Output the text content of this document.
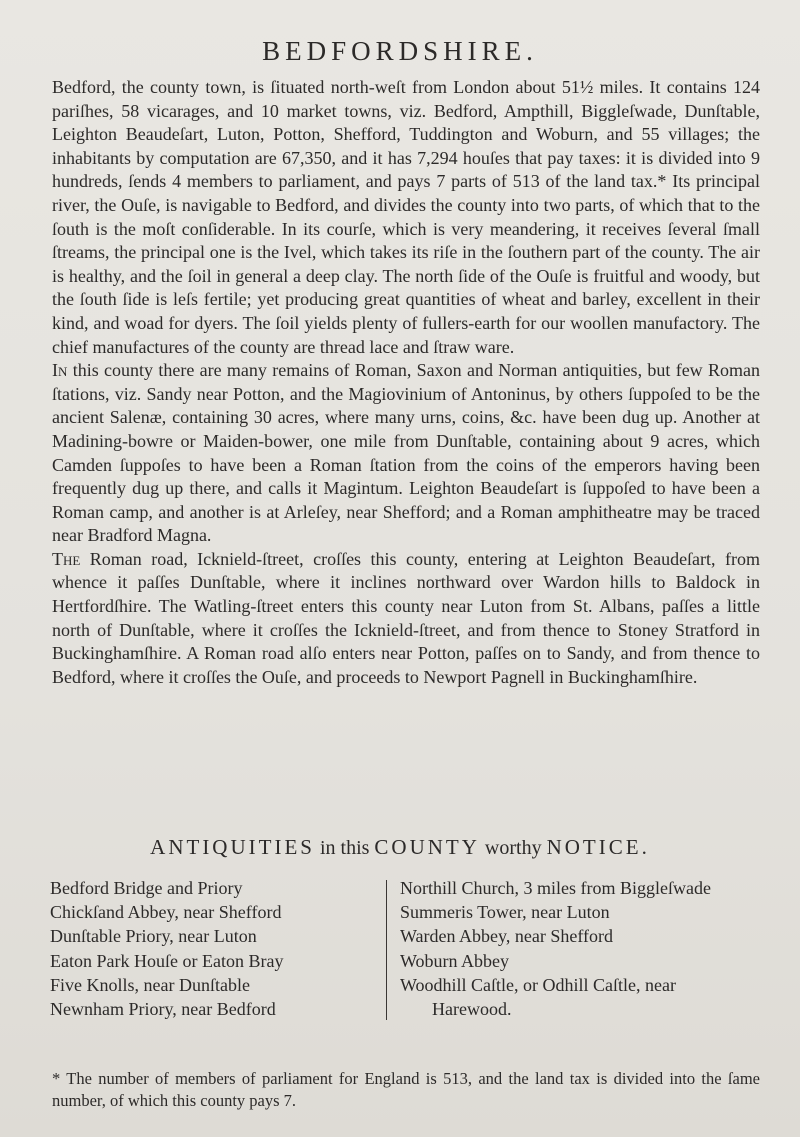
BEDFORDSHIRE.

Bedford, the county town, is ſituated north-weſt from London about 51½ miles. It contains 124 pariſhes, 58 vicarages, and 10 market towns, viz. Bedford, Ampthill, Biggleſwade, Dunſtable, Leighton Beaudeſart, Luton, Potton, Shefford, Tuddington and Woburn, and 55 villages; the inhabitants by computation are 67,350, and it has 7,294 houſes that pay taxes: it is divided into 9 hundreds, ſends 4 members to parliament, and pays 7 parts of 513 of the land tax.* Its principal river, the Ouſe, is navigable to Bedford, and divides the county into two parts, of which that to the ſouth is the moſt conſiderable. In its courſe, which is very meandering, it receives ſeveral ſmall ſtreams, the principal one is the Ivel, which takes its riſe in the ſouthern part of the county. The air is healthy, and the ſoil in general a deep clay. The north ſide of the Ouſe is fruitful and woody, but the ſouth ſide is leſs fertile; yet producing great quantities of wheat and barley, excellent in their kind, and woad for dyers. The ſoil yields plenty of fullers-earth for our woollen manufactory. The chief manufactures of the county are thread lace and ſtraw ware.

In this county there are many remains of Roman, Saxon and Norman antiquities, but few Roman ſtations, viz. Sandy near Potton, and the Magiovinium of Antoninus, by others ſuppoſed to be the ancient Salenæ, containing 30 acres, where many urns, coins, &c. have been dug up. Another at Madining-bowre or Maiden-bower, one mile from Dunſtable, containing about 9 acres, which Camden ſuppoſes to have been a Roman ſtation from the coins of the emperors having been frequently dug up there, and calls it Magintum. Leighton Beaudeſart is ſuppoſed to have been a Roman camp, and another is at Arleſey, near Shefford; and a Roman amphitheatre may be traced near Bradford Magna.

The Roman road, Icknield-ſtreet, croſſes this county, entering at Leighton Beaudeſart, from whence it paſſes Dunſtable, where it inclines northward over Wardon hills to Baldock in Hertfordſhire. The Watling-ſtreet enters this county near Luton from St. Albans, paſſes a little north of Dunſtable, where it croſſes the Icknield-ſtreet, and from thence to Stoney Stratford in Buckinghamſhire. A Roman road alſo enters near Potton, paſſes on to Sandy, and from thence to Bedford, where it croſſes the Ouſe, and proceeds to Newport Pagnell in Buckinghamſhire.

ANTIQUITIES in this COUNTY worthy NOTICE.
Bedford Bridge and Priory
Chickſand Abbey, near Shefford
Dunſtable Priory, near Luton
Eaton Park Houſe or Eaton Bray
Five Knolls, near Dunſtable
Newnham Priory, near Bedford
Northill Church, 3 miles from Biggleſwade
Summeris Tower, near Luton
Warden Abbey, near Shefford
Woburn Abbey
Woodhill Caſtle, or Odhill Caſtle, near
Harewood.
* The number of members of parliament for England is 513, and the land tax is divided into the ſame number, of which this county pays 7.
